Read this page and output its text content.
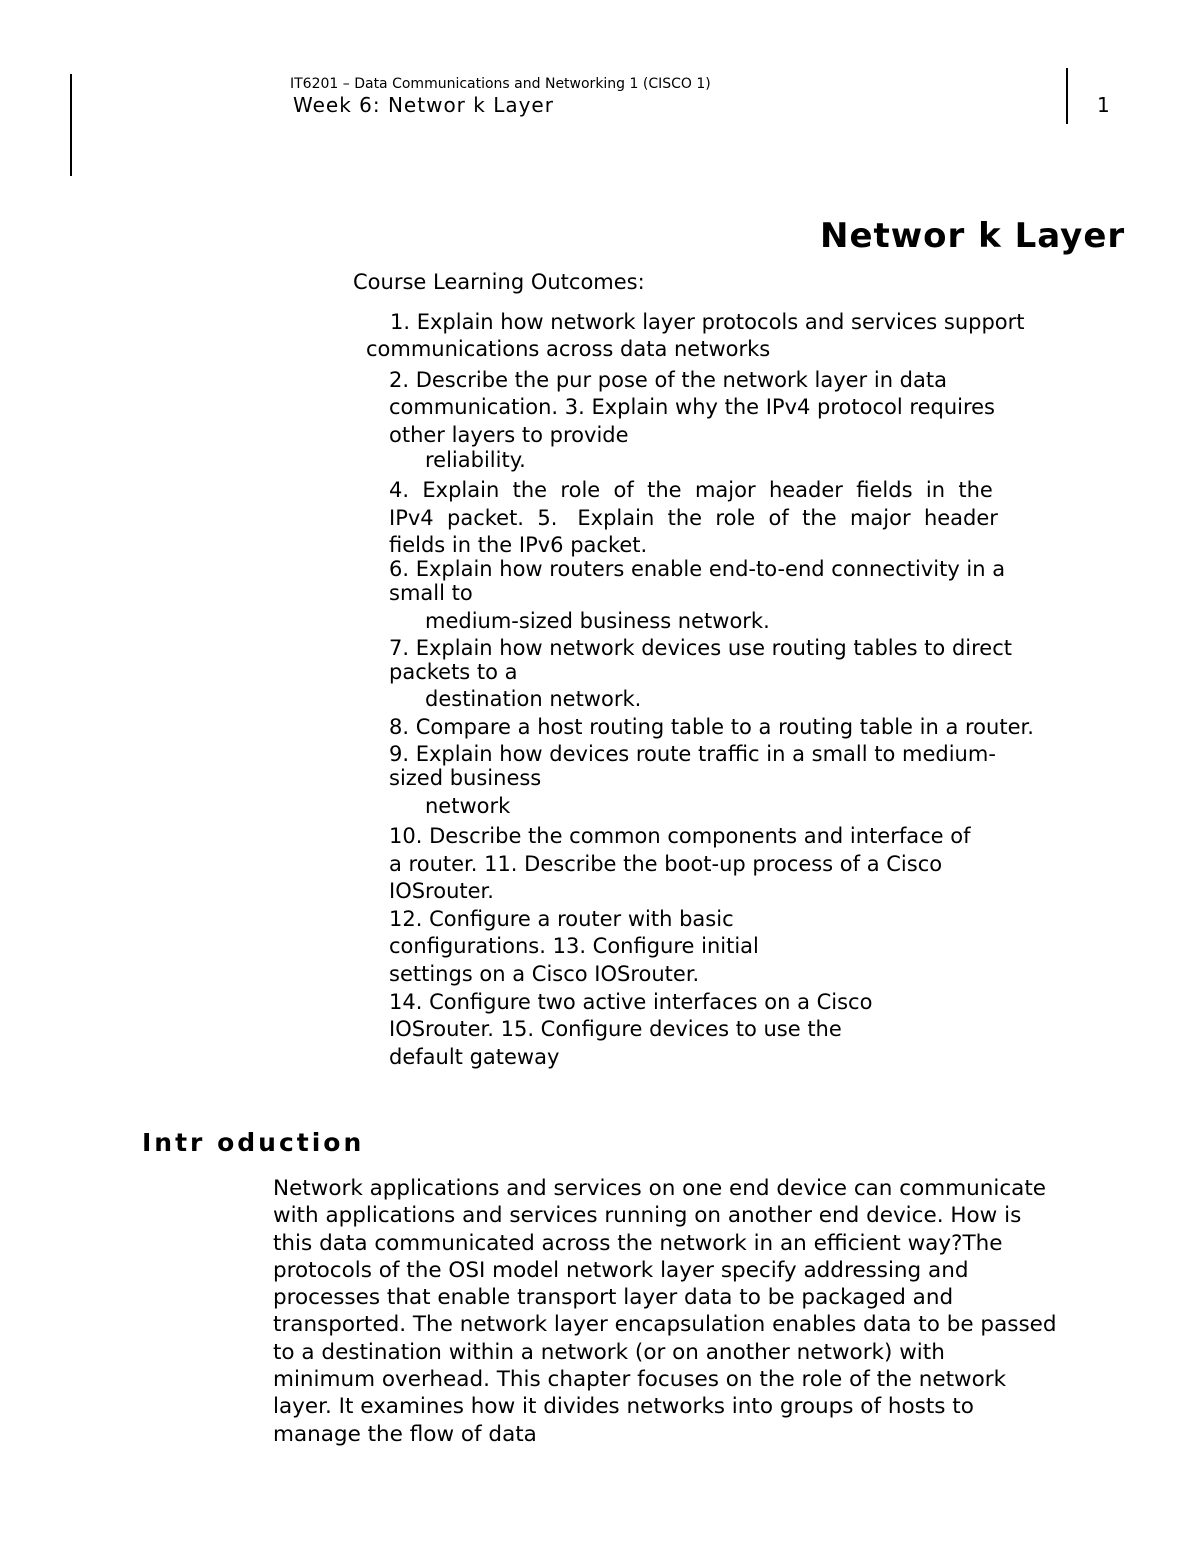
IT6201 – Data Communications and Networking 1 (CISCO 1)
Week 6: Networ k Layer	1
Networ k Layer
Course Learning Outcomes:
1. Explain how network layer protocols and services support
communications across data networks
2. Describe the pur pose of the network layer in data
communication. 3. Explain why the IPv4 protocol requires
other layers to provide
reliability.
4.  Explain  the  role  of  the  major  header  fields  in  the
IPv4  packet.  5.   Explain  the  role  of  the  major  header
fields in the IPv6 packet.
6. Explain how routers enable end-to-end connectivity in a
small to
medium-sized business network.
7. Explain how network devices use routing tables to direct
packets to a
destination network.
8. Compare a host routing table to a routing table in a router.
9. Explain how devices route traffic in a small to medium-
sized business
network
10. Describe the common components and interface of
a router. 11. Describe the boot-up process of a Cisco
IOSrouter.
12. Configure a router with basic
configurations. 13. Configure initial
settings on a Cisco IOSrouter.
14. Configure two active interfaces on a Cisco
IOSrouter. 15. Configure devices to use the
default gateway
Intr oduction
Network applications and services on one end device can communicate
with applications and services running on another end device. How is
this data communicated across the network in an efficient way?The
protocols of the OSI model network layer specify addressing and
processes that enable transport layer data to be packaged and
transported. The network layer encapsulation enables data to be passed
to a destination within a network (or on another network) with
minimum overhead. This chapter focuses on the role of the network
layer. It examines how it divides networks into groups of hosts to
manage the flow of data
